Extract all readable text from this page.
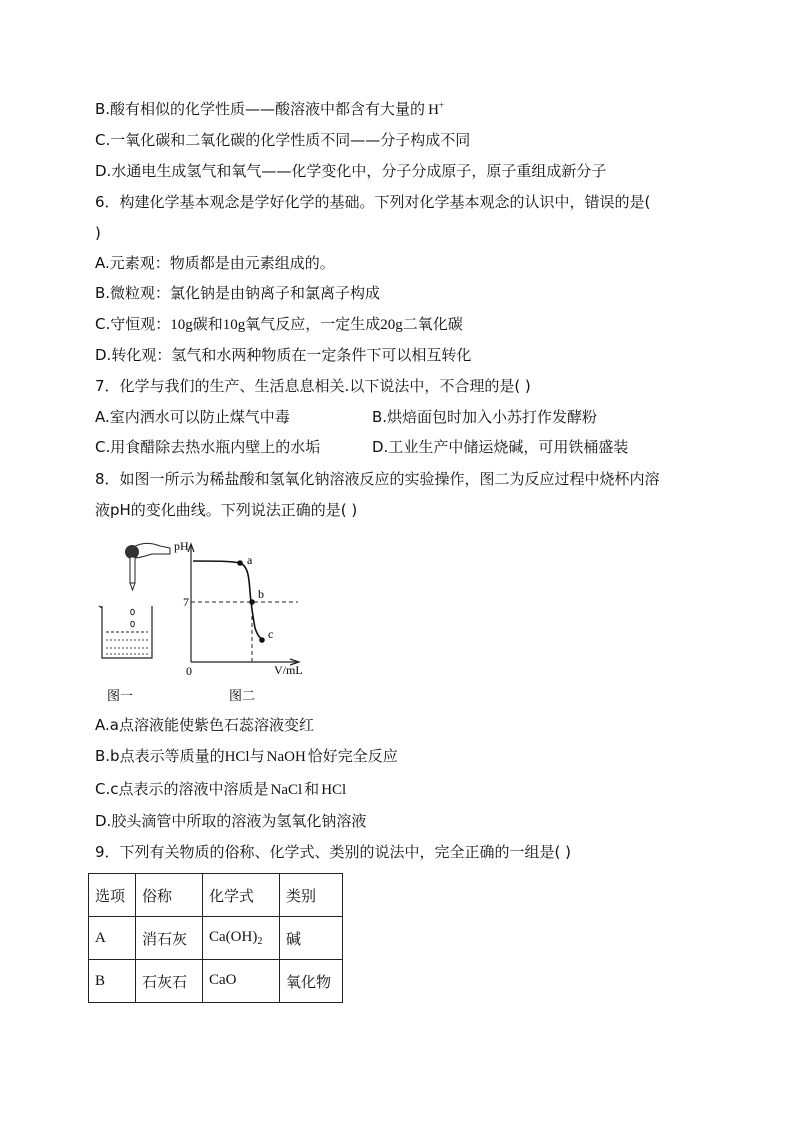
B.酸有相似的化学性质——酸溶液中都含有大量的 H+
C.一氧化碳和二氧化碳的化学性质不同——分子构成不同
D.水通电生成氢气和氧气——化学变化中，分子分成原子，原子重组成新分子
6．构建化学基本观念是学好化学的基础。下列对化学基本观念的认识中，错误的是(
)
A.元素观：物质都是由元素组成的。
B.微粒观：氯化钠是由钠离子和氯离子构成
C.守恒观：10g碳和10g氧气反应，一定生成20g二氧化碳
D.转化观：氢气和水两种物质在一定条件下可以相互转化
7．化学与我们的生产、生活息息相关.以下说法中，不合理的是( )
A.室内洒水可以防止煤气中毒	B.烘焙面包时加入小苏打作发酵粉
C.用食醋除去热水瓶内壁上的水垢	D.工业生产中储运烧碱，可用铁桶盛装
8．如图一所示为稀盐酸和氢氧化钠溶液反应的实验操作，图二为反应过程中烧杯内溶
液pH的变化曲线。下列说法正确的是( )
pH
7
0	V/mL
a
b
c
图一	图二
A.a点溶液能使紫色石蕊溶液变红
B.b点表示等质量的HCl与 NaOH 恰好完全反应
C.c点表示的溶液中溶质是 NaCl 和 HCl
D.胶头滴管中所取的溶液为氢氧化钠溶液
9．下列有关物质的俗称、化学式、类别的说法中，完全正确的一组是( )
选项	俗称	化学式	类别
A	消石灰	$Ca(OH)_2$	碱
B	石灰石	CaO	氧化物
